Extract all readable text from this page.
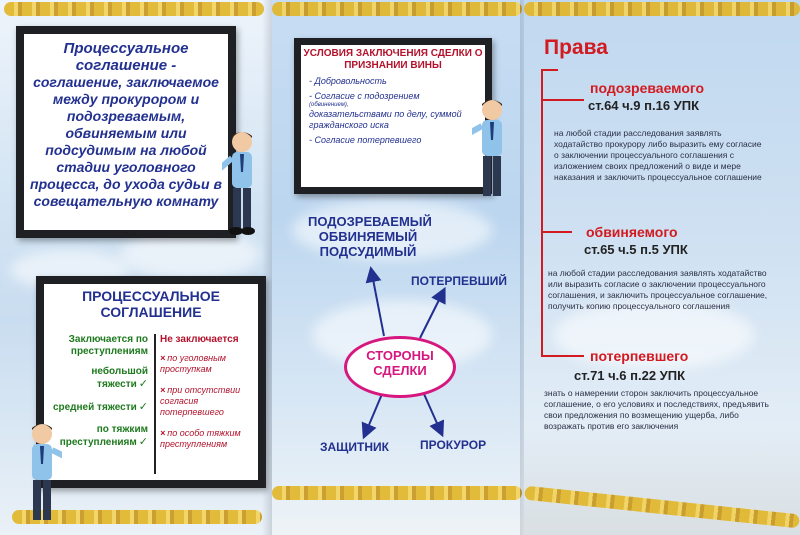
Процессуальное соглашение -
соглашение, заключаемое между прокурором и подозреваемым, обвиняемым или подсудимым на любой стадии уголовного процесса, до ухода судьи в совещательную комнату
ПРОЦЕССУАЛЬНОЕ СОГЛАШЕНИЕ
Заключается по преступлениям
небольшой тяжести ✓
средней тяжести ✓
по тяжким преступлениям ✓
Не заключается
× по уголовным проступкам
× при отсутствии согласия потерпевшего
× по особо тяжким преступлениям
УСЛОВИЯ ЗАКЛЮЧЕНИЯ СДЕЛКИ О ПРИЗНАНИИ ВИНЫ
- Добровольность
- Согласие с подозрением
(обвинением),
доказательствами по делу, суммой гражданского иска
- Согласие потерпевшего
ПОДОЗРЕВАЕМЫЙ ОБВИНЯЕМЫЙ ПОДСУДИМЫЙ
ПОТЕРПЕВШИЙ
СТОРОНЫ СДЕЛКИ
ЗАЩИТНИК	ПРОКУРОР
Права
подозреваемого
ст.64 ч.9 п.16 УПК
на любой стадии расследования заявлять ходатайство прокурору либо выразить ему согласие о заключении процессуального соглашения с изложением своих предложений о виде и мере наказания и заключить процессуальное соглашение
обвиняемого
ст.65 ч.5 п.5 УПК
на любой стадии расследования заявлять ходатайство или выразить согласие о заключении процессуального соглашения, и заключить процессуальное соглашение, получить копию процессуального соглашения
потерпевшего
ст.71 ч.6 п.22 УПК
знать о намерении сторон заключить процессуальное соглашение, о его условиях и последствиях, предъявить свои предложения по возмещению ущерба, либо возражать против его заключения
